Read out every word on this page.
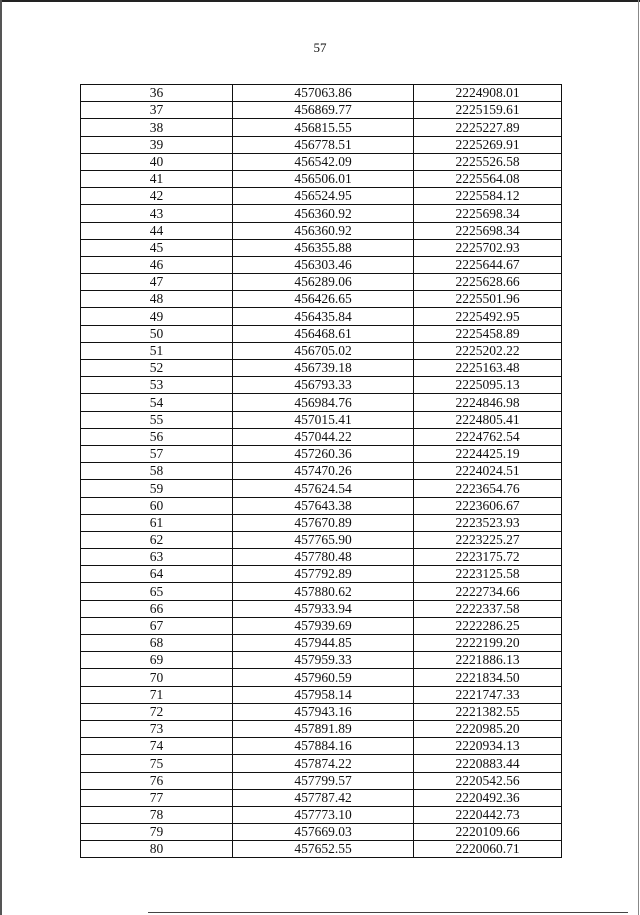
57
36	457063.86	2224908.01
37	456869.77	2225159.61
38	456815.55	2225227.89
39	456778.51	2225269.91
40	456542.09	2225526.58
41	456506.01	2225564.08
42	456524.95	2225584.12
43	456360.92	2225698.34
44	456360.92	2225698.34
45	456355.88	2225702.93
46	456303.46	2225644.67
47	456289.06	2225628.66
48	456426.65	2225501.96
49	456435.84	2225492.95
50	456468.61	2225458.89
51	456705.02	2225202.22
52	456739.18	2225163.48
53	456793.33	2225095.13
54	456984.76	2224846.98
55	457015.41	2224805.41
56	457044.22	2224762.54
57	457260.36	2224425.19
58	457470.26	2224024.51
59	457624.54	2223654.76
60	457643.38	2223606.67
61	457670.89	2223523.93
62	457765.90	2223225.27
63	457780.48	2223175.72
64	457792.89	2223125.58
65	457880.62	2222734.66
66	457933.94	2222337.58
67	457939.69	2222286.25
68	457944.85	2222199.20
69	457959.33	2221886.13
70	457960.59	2221834.50
71	457958.14	2221747.33
72	457943.16	2221382.55
73	457891.89	2220985.20
74	457884.16	2220934.13
75	457874.22	2220883.44
76	457799.57	2220542.56
77	457787.42	2220492.36
78	457773.10	2220442.73
79	457669.03	2220109.66
80	457652.55	2220060.71
